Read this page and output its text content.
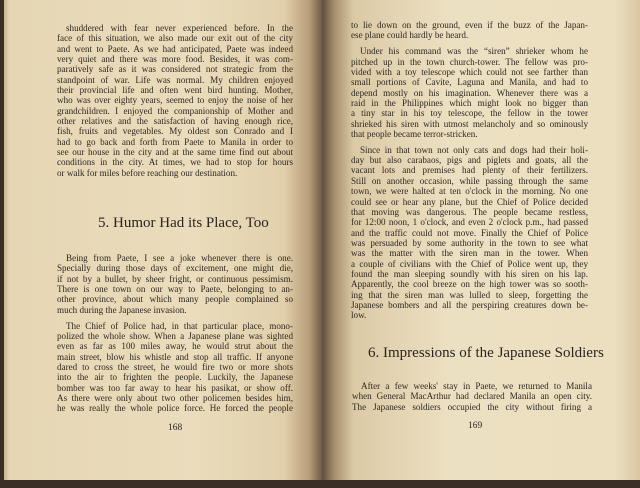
shuddered with fear never experienced before. In the
face of this situation, we also made our exit out of the city
and went to Paete. As we had anticipated, Paete was indeed
very quiet and there was more food. Besides, it was com-
paratively safe as it was considered not strategic from the
standpoint of war. Life was normal. My children enjoyed
their provincial life and often went bird hunting. Mother,
who was over eighty years, seemed to enjoy the noise of her
grandchildren. I enjoyed the companionship of Mother and
other relatives and the satisfaction of having enough rice,
fish, fruits and vegetables. My oldest son Conrado and I
had to go back and forth from Paete to Manila in order to
see our house in the city and at the same time find out about
conditions in the city. At times, we had to stop for hours
or walk for miles before reaching our destination.
5. Humor Had its Place, Too
Being from Paete, I see a joke whenever there is one.
Specially during those days of excitement, one might die,
if not by a bullet, by sheer fright, or continuous pessimism.
There is one town on our way to Paete, belonging to an-
other province, about which many people complained so
much during the Japanese invasion.
The Chief of Police had, in that particular place, mono-
polized the whole show. When a Japanese plane was sighted
even as far as 100 miles away, he would strut about the
main street, blow his whistle and stop all traffic. If anyone
dared to cross the street, he would fire two or more shots
into the air to frighten the people. Luckily, the Japanese
bomber was too far away to hear his pasikat, or show off.
As there were only about two other policemen besides him,
he was really the whole police force. He forced the people
168
to lie down on the ground, even if the buzz of the Japan-
ese plane could hardly be heard.
Under his command was the “siren” shrieker whom he
pitched up in the town church-tower. The fellow was pro-
vided with a toy telescope which could not see farther than
small portions of Cavite, Laguna and Manila, and had to
depend mostly on his imagination. Whenever there was a
raid in the Philippines which might look no bigger than
a tiny star in his toy telescope, the fellow in the tower
shrieked his siren with utmost melancholy and so ominously
that people became terror-stricken.
Since in that town not only cats and dogs had their holi-
day but also carabaos, pigs and piglets and goats, all the
vacant lots and premises had plenty of their fertilizers.
Still on another occasion, while passing through the same
town, we were halted at ten o'clock in the morning. No one
could see or hear any plane, but the Chief of Police decided
that moving was dangerous. The people became restless,
for 12:00 noon, 1 o'clock, and even 2 o'clock p.m., had passed
and the traffic could not move. Finally the Chief of Police
was persuaded by some authority in the town to see what
was the matter with the siren man in the tower. When
a couple of civilians with the Chief of Police went up, they
found the man sleeping soundly with his siren on his lap.
Apparently, the cool breeze on the high tower was so sooth-
ing that the siren man was lulled to sleep, forgetting the
Japanese bombers and all the perspiring creatures down be-
low.
6. Impressions of the Japanese Soldiers
After a few weeks' stay in Paete, we returned to Manila
when General MacArthur had declared Manila an open city.
The Japanese soldiers occupied the city without firing a
169
